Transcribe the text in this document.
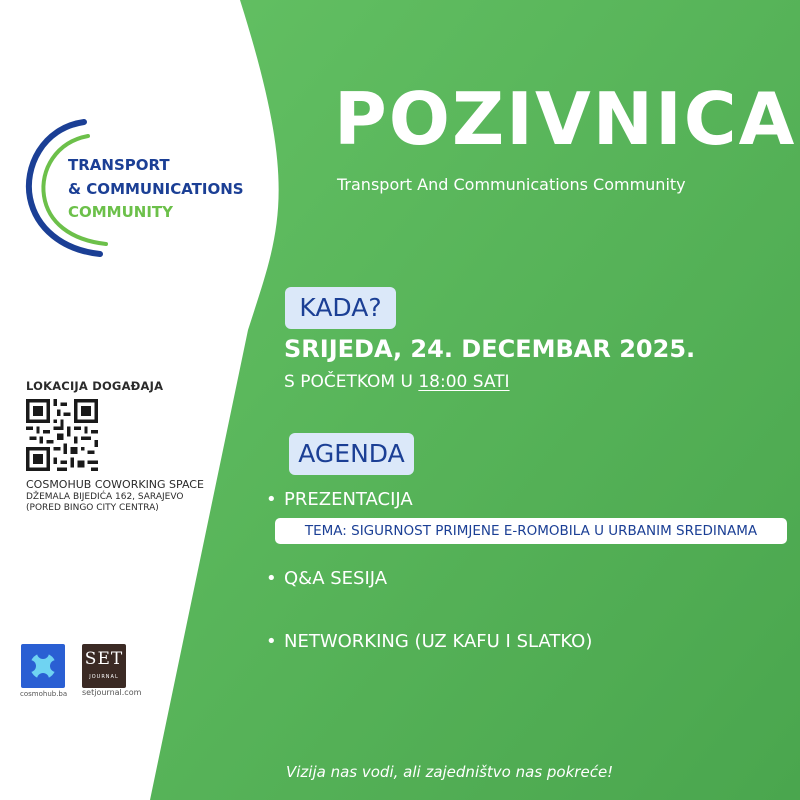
TRANSPORT
& COMMUNICATIONS
COMMUNITY
LOKACIJA DOGAĐAJA
COSMOHUB COWORKING SPACE
DŽEMALA BIJEDIĆA 162, SARAJEVO
(PORED BINGO CITY CENTRA)
SET
JOURNAL
cosmohub.ba setjournal.com
POZIVNICA
Transport And Communications Community
KADA?
SRIJEDA, 24. DECEMBAR 2025.
S POČETKOM U 18:00 SATI
AGENDA
• PREZENTACIJA
TEMA: SIGURNOST PRIMJENE E-ROMOBILA U URBANIM SREDINAMA
• Q&A SESIJA
• NETWORKING (UZ KAFU I SLATKO)
Vizija nas vodi, ali zajedništvo nas pokreće!
